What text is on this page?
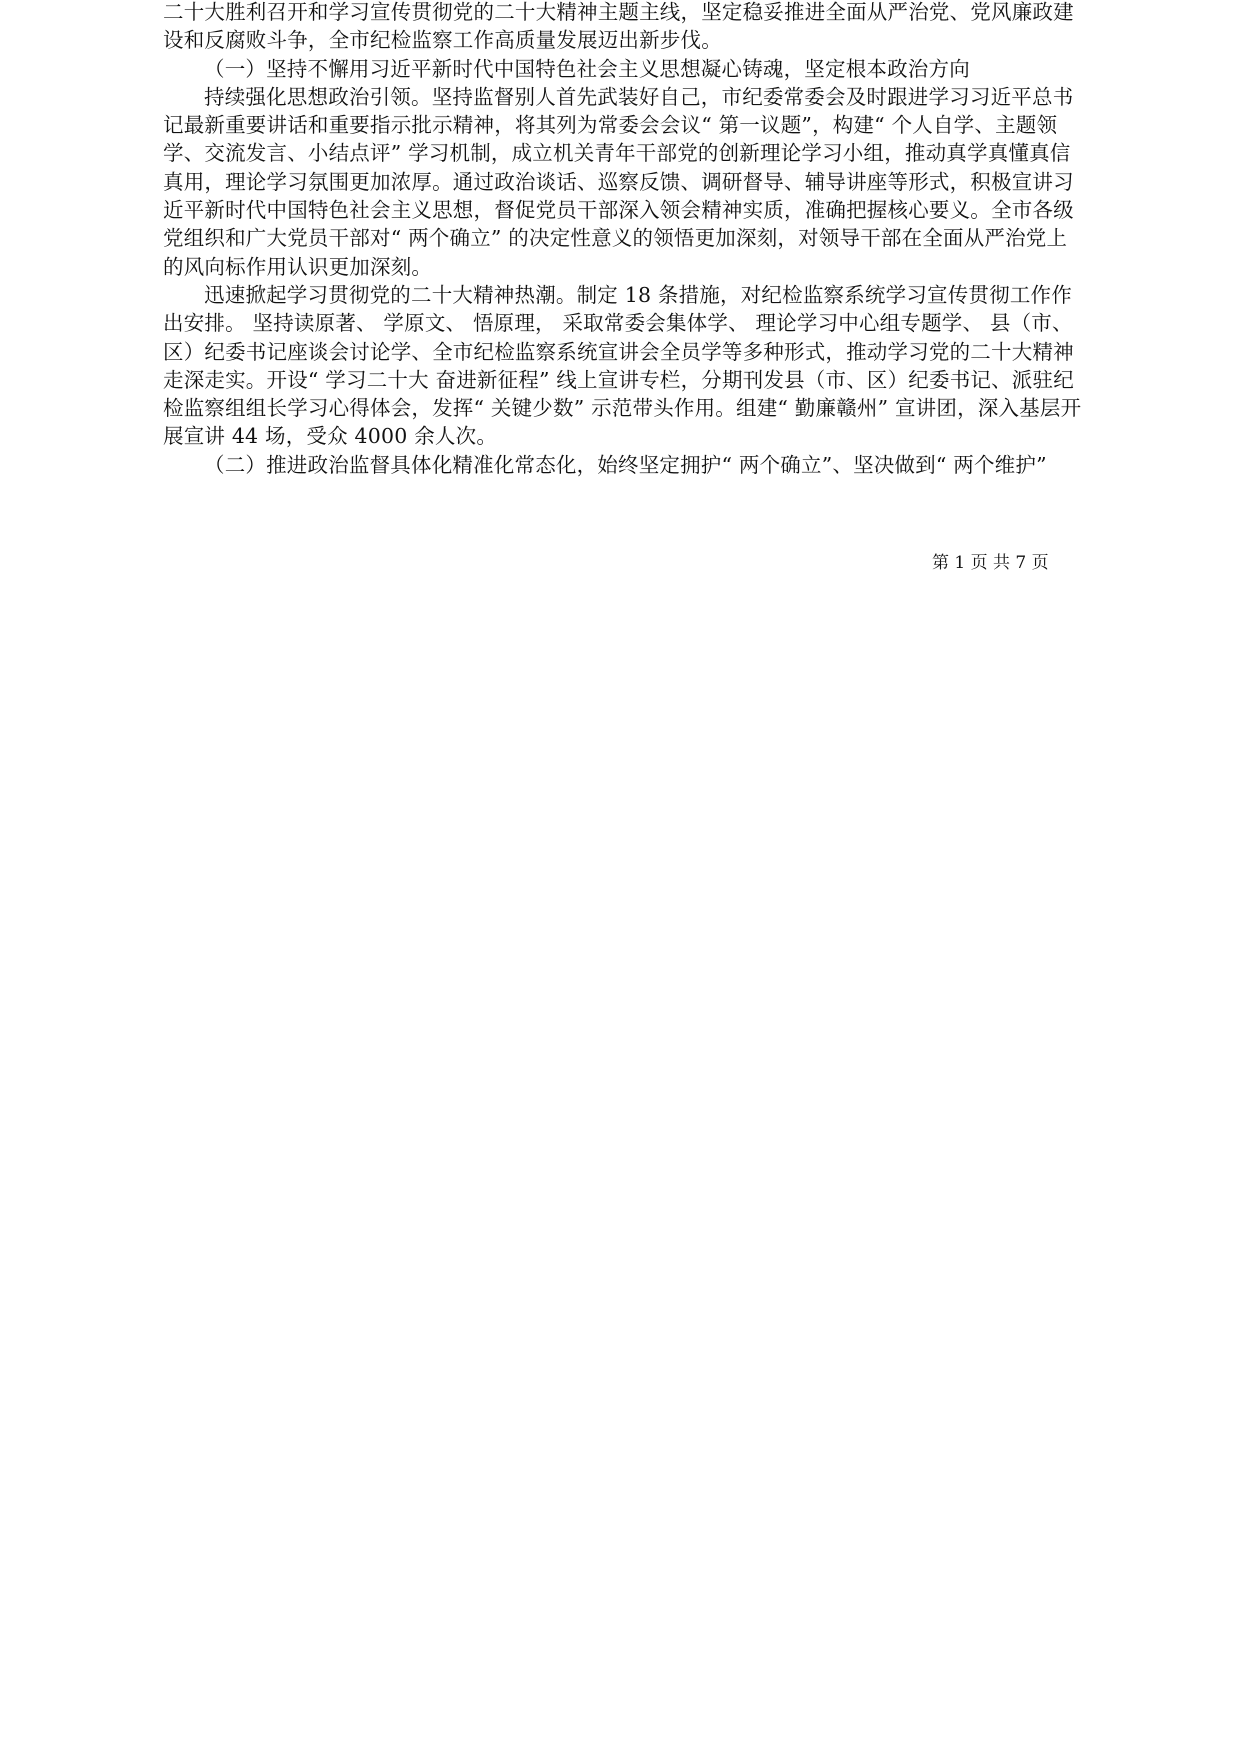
二十大胜利召开和学习宣传贯彻党的二十大精神主题主线，坚定稳妥推进全面从严治党、党风廉政建设和反腐败斗争，全市纪检监察工作高质量发展迈出新步伐。

（一）坚持不懈用习近平新时代中国特色社会主义思想凝心铸魂，坚定根本政治方向

持续强化思想政治引领。坚持监督别人首先武装好自己，市纪委常委会及时跟进学习习近平总书记最新重要讲话和重要指示批示精神，将其列为常委会会议“ 第一议题”，构建“ 个人自学、主题领学、交流发言、小结点评” 学习机制，成立机关青年干部党的创新理论学习小组，推动真学真懂真信真用，理论学习氛围更加浓厚。通过政治谈话、巡察反馈、调研督导、辅导讲座等形式，积极宣讲习近平新时代中国特色社会主义思想，督促党员干部深入领会精神实质，准确把握核心要义。全市各级党组织和广大党员干部对“ 两个确立” 的决定性意义的领悟更加深刻，对领导干部在全面从严治党上的风向标作用认识更加深刻。

迅速掀起学习贯彻党的二十大精神热潮。制定 18 条措施，对纪检监察系统学习宣传贯彻工作作出安排。 坚持读原著、 学原文、 悟原理， 采取常委会集体学、 理论学习中心组专题学、 县（市、区）纪委书记座谈会讨论学、全市纪检监察系统宣讲会全员学等多种形式，推动学习党的二十大精神走深走实。开设“ 学习二十大 奋进新征程” 线上宣讲专栏，分期刊发县（市、区）纪委书记、派驻纪检监察组组长学习心得体会，发挥“ 关键少数” 示范带头作用。组建“ 勤廉赣州” 宣讲团，深入基层开展宣讲 44 场，受众 4000 余人次。

（二）推进政治监督具体化精准化常态化，始终坚定拥护“ 两个确立”、坚决做到“ 两个维护”

第 1 页 共 7 页
